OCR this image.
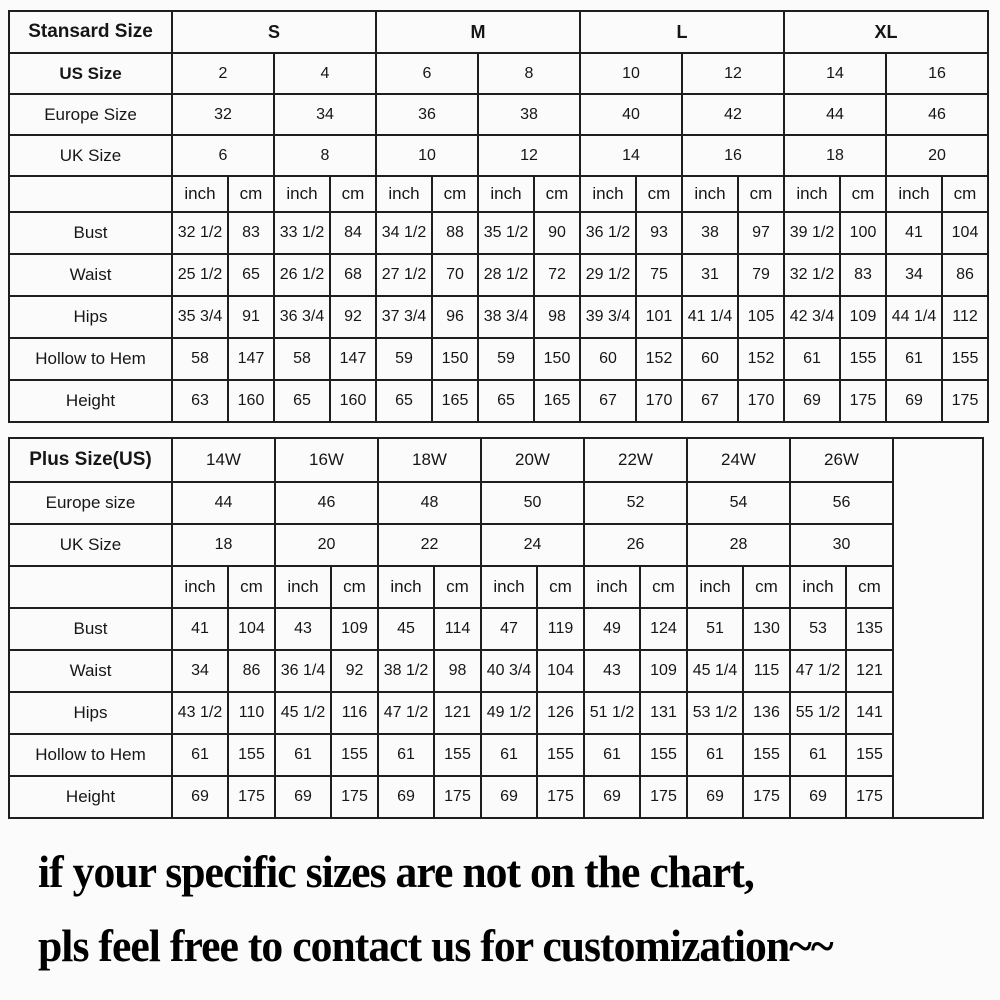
Stansard Size	S				M				L				XL			
US Size	2		4		6		8		10		12		14		16	
Europe Size	32		34		36		38		40		42		44		46	
UK Size	6		8		10		12		14		16		18		20	
	inch	cm	inch	cm	inch	cm	inch	cm	inch	cm	inch	cm	inch	cm	inch	cm
Bust	32 1/2	83	33 1/2	84	34 1/2	88	35 1/2	90	36 1/2	93	38	97	39 1/2	100	41	104
Waist	25 1/2	65	26 1/2	68	27 1/2	70	28 1/2	72	29 1/2	75	31	79	32 1/2	83	34	86
Hips	35 3/4	91	36 3/4	92	37 3/4	96	38 3/4	98	39 3/4	101	41 1/4	105	42 3/4	109	44 1/4	112
Hollow to Hem	58	147	58	147	59	150	59	150	60	152	60	152	61	155	61	155
Height	63	160	65	160	65	165	65	165	67	170	67	170	69	175	69	175
Plus Size(US)	14W		16W		18W		20W		22W		24W		26W		
Europe size	44		46		48		50		52		54		56		
UK Size	18		20		22		24		26		28		30		
	inch	cm	inch	cm	inch	cm	inch	cm	inch	cm	inch	cm	inch	cm	
Bust	41	104	43	109	45	114	47	119	49	124	51	130	53	135	
Waist	34	86	36 1/4	92	38 1/2	98	40 3/4	104	43	109	45 1/4	115	47 1/2	121	
Hips	43 1/2	110	45 1/2	116	47 1/2	121	49 1/2	126	51 1/2	131	53 1/2	136	55 1/2	141	
Hollow to Hem	61	155	61	155	61	155	61	155	61	155	61	155	61	155	
Height	69	175	69	175	69	175	69	175	69	175	69	175	69	175	

if your specific sizes are not on the chart,

pls feel free to contact us for customization~~
